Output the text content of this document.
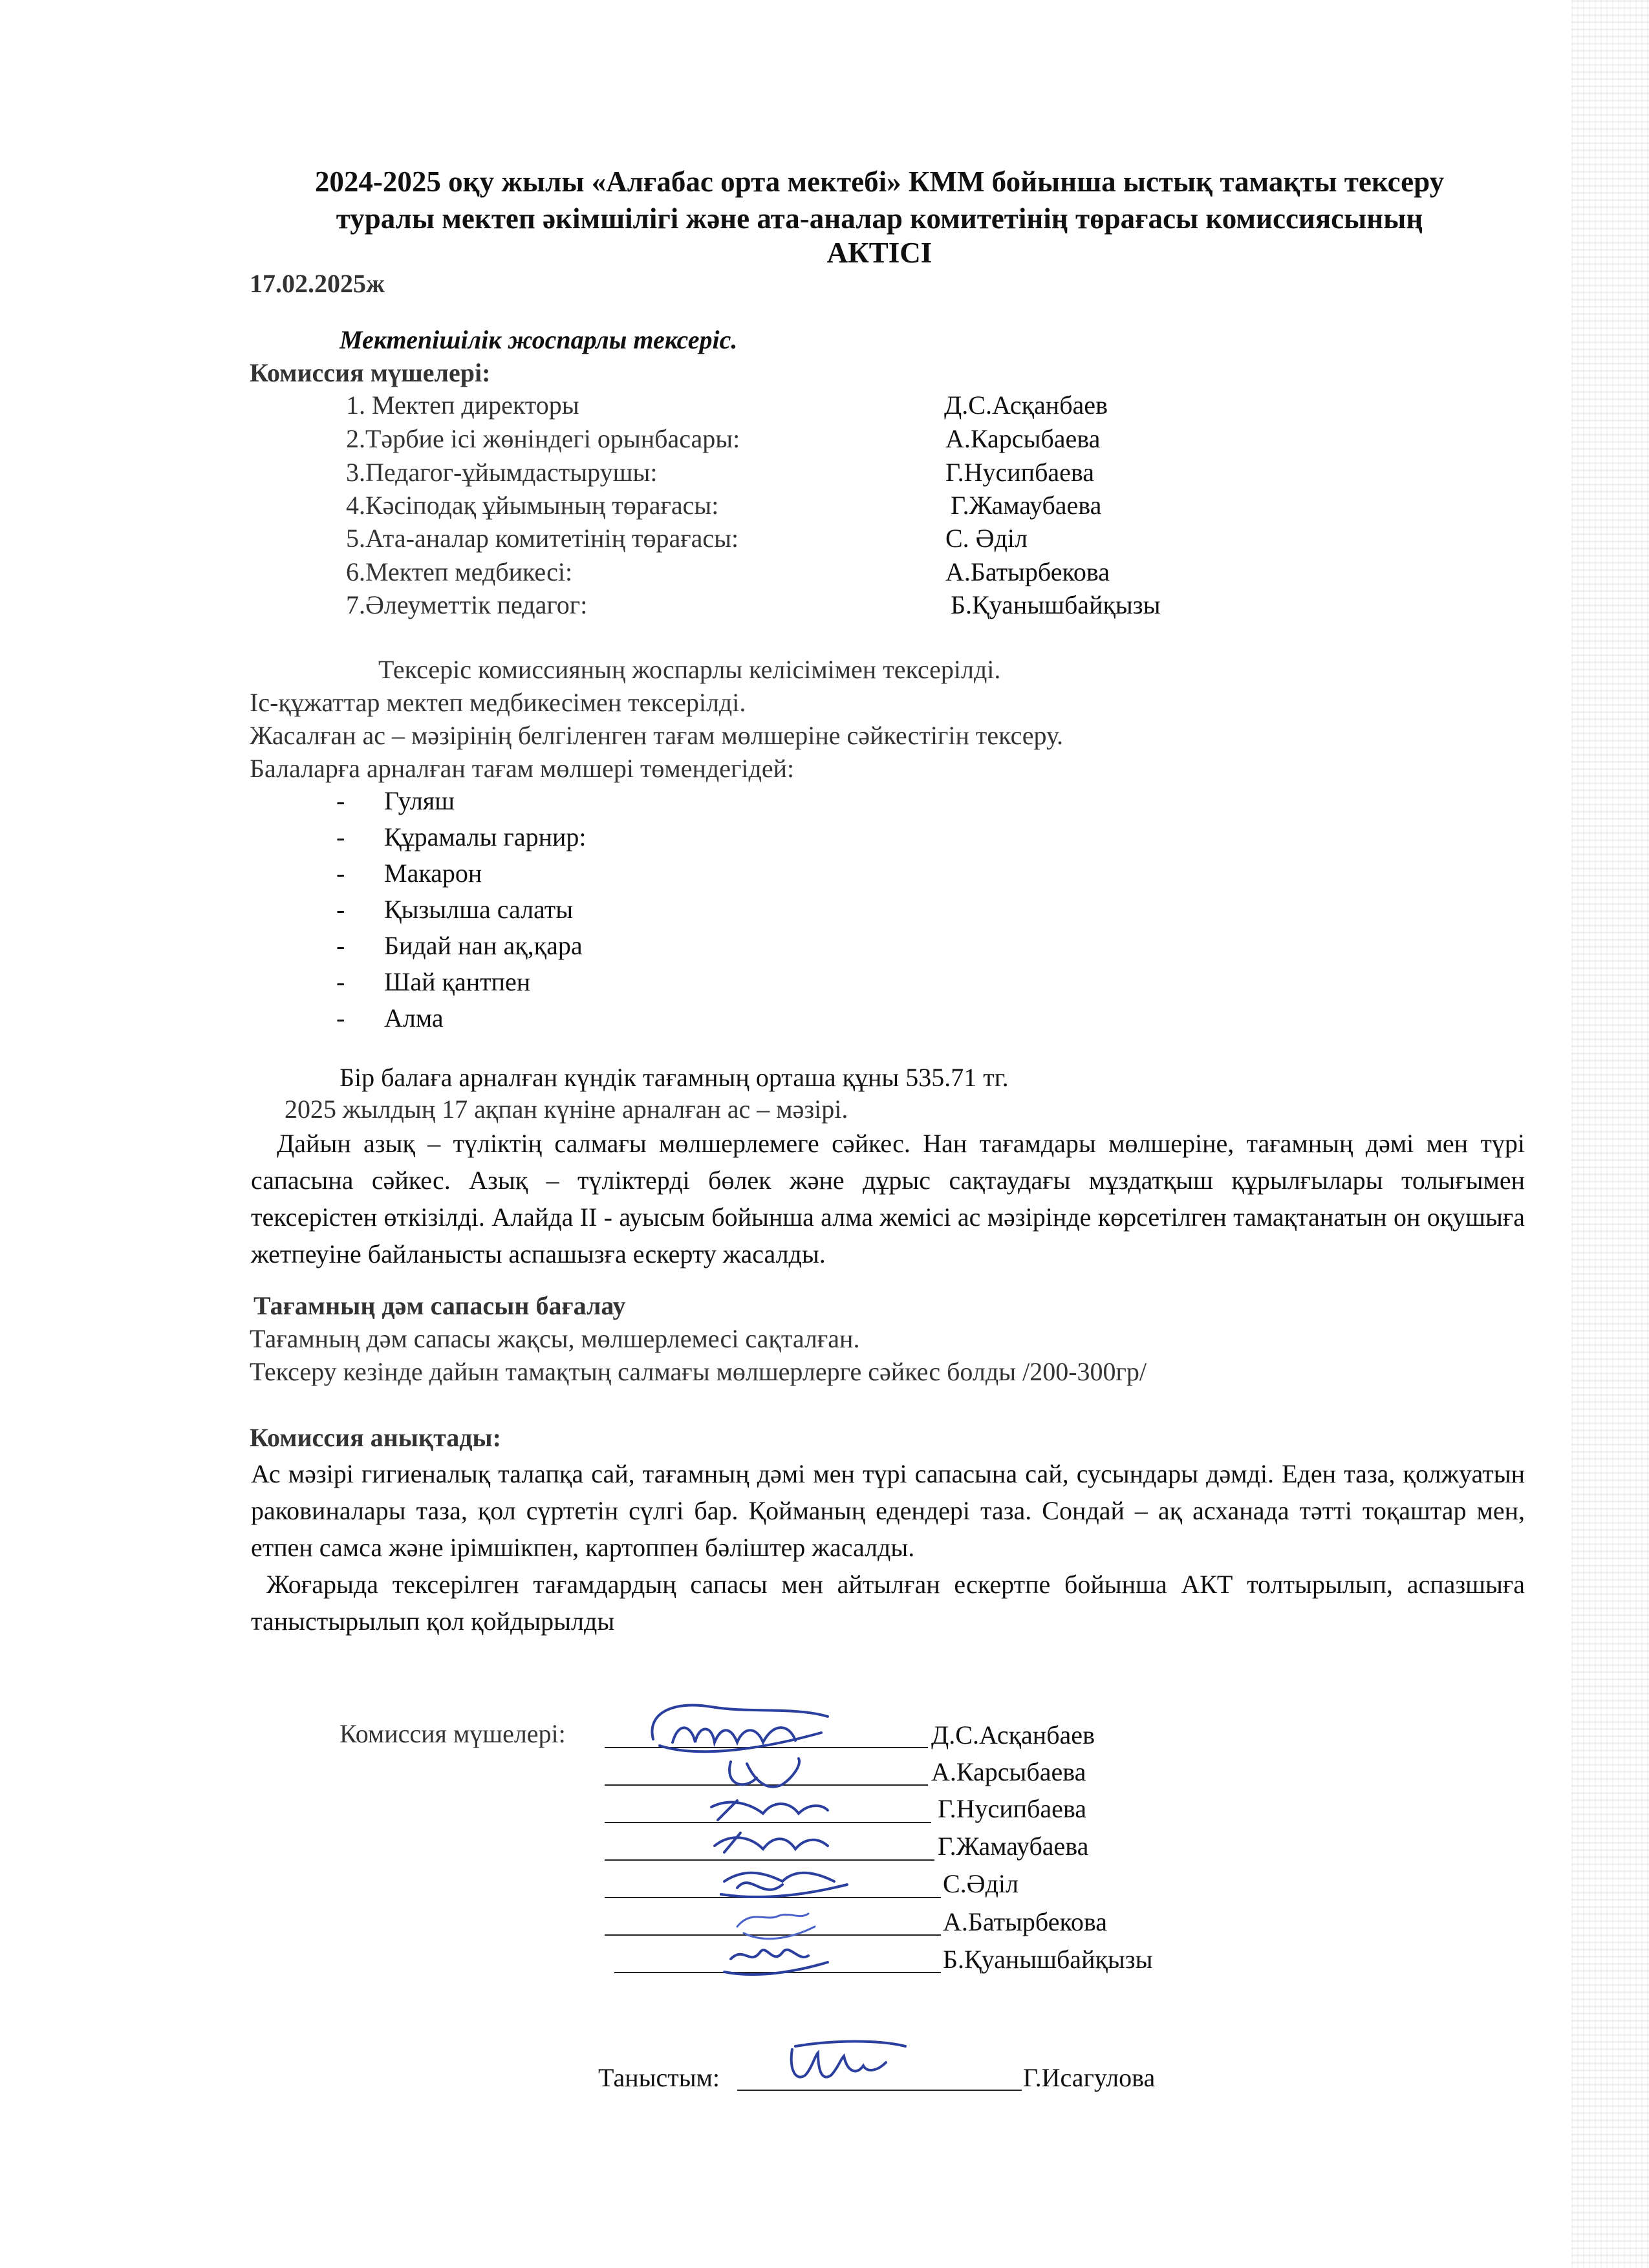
2024-2025 оқу жылы «Алғабас орта мектебі» КММ бойынша ыстық тамақты тексеру
туралы мектеп әкімшілігі және ата-аналар комитетінің төрағасы комиссиясының
АКТІСІ
17.02.2025ж
Мектепішілік жоспарлы тексеріс.
Комиссия мүшелері:
1. Мектеп директоры	Д.С.Асқанбаев
2.Тәрбие ісі жөніндегі орынбасары:	А.Карсыбаева
3.Педагог-ұйымдастырушы:	Г.Нусипбаева
4.Кәсіподақ ұйымының төрағасы:	Г.Жамаубаева
5.Ата-аналар комитетінің төрағасы:	С. Әділ
6.Мектеп медбикесі:	А.Батырбекова
7.Әлеуметтік педагог:	Б.Қуанышбайқызы
Тексеріс комиссияның жоспарлы келісімімен тексерілді.
Іс-құжаттар мектеп медбикесімен тексерілді.
Жасалған ас – мәзірінің белгіленген тағам мөлшеріне сәйкестігін тексеру.
Балаларға арналған тағам мөлшері төмендегідей:
- Гуляш
- Құрамалы гарнир:
- Макарон
- Қызылша салаты
- Бидай нан ақ,қара
- Шай қантпен
- Алма
Бір балаға арналған күндік тағамның орташа құны 535.71 тг.
2025 жылдың 17 ақпан күніне арналған ас – мәзірі.
Дайын азық – түліктің салмағы мөлшерлемеге сәйкес. Нан тағамдары мөлшеріне, тағамның дәмі мен түрі сапасына сәйкес. Азық – түліктерді бөлек және дұрыс сақтаудағы мұздатқыш құрылғылары толығымен тексерістен өткізілді. Алайда ІІ - ауысым бойынша алма жемісі ас мәзірінде көрсетілген тамақтанатын он оқушыға жетпеуіне байланысты аспашызға ескерту жасалды.
Тағамның дәм сапасын бағалау
Тағамның дәм сапасы жақсы, мөлшерлемесі сақталған.
Тексеру кезінде дайын тамақтың салмағы мөлшерлерге сәйкес болды /200-300гр/
Комиссия анықтады:
Ас мәзірі гигиеналық талапқа сай, тағамның дәмі мен түрі сапасына сай, сусындары дәмді. Еден таза, қолжуатын раковиналары таза, қол сүртетін сүлгі бар. Қойманың едендері таза. Сондай – ақ асханада тәтті тоқаштар мен, етпен самса және ірімшікпен, картоппен бәліштер жасалды.
Жоғарыда тексерілген тағамдардың сапасы мен айтылған ескертпе бойынша АКТ толтырылып, аспазшыға таныстырылып қол қойдырылды
Комиссия мүшелері:	Д.С.Асқанбаев
А.Карсыбаева
Г.Нусипбаева
Г.Жамаубаева
С.Әділ
А.Батырбекова
Б.Қуанышбайқызы
Таныстым:	Г.Исагулова
